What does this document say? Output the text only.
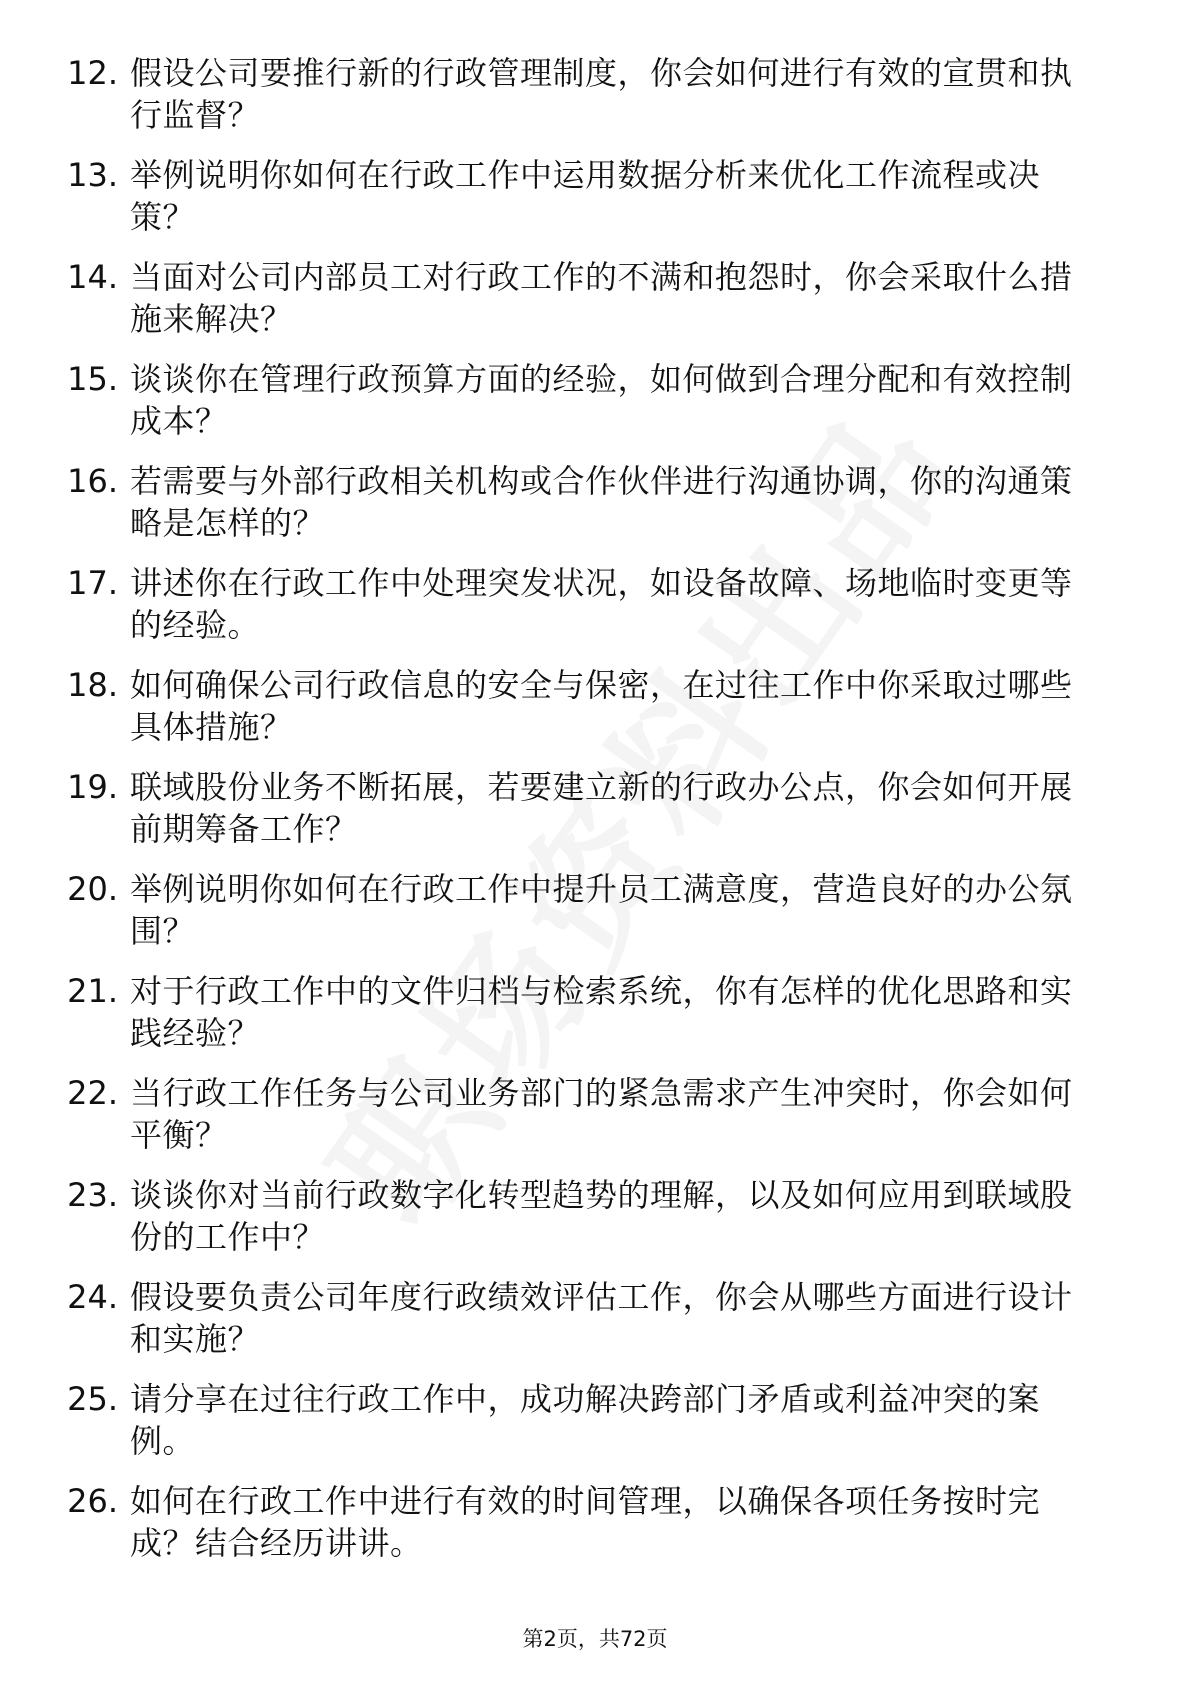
12. 假设公司要推行新的行政管理制度，你会如何进行有效的宣贯和执行监督？
13. 举例说明你如何在行政工作中运用数据分析来优化工作流程或决策？
14. 当面对公司内部员工对行政工作的不满和抱怨时，你会采取什么措施来解决？
15. 谈谈你在管理行政预算方面的经验，如何做到合理分配和有效控制成本？
16. 若需要与外部行政相关机构或合作伙伴进行沟通协调，你的沟通策略是怎样的？
17. 讲述你在行政工作中处理突发状况，如设备故障、场地临时变更等的经验。
18. 如何确保公司行政信息的安全与保密，在过往工作中你采取过哪些具体措施？
19. 联域股份业务不断拓展，若要建立新的行政办公点，你会如何开展前期筹备工作？
20. 举例说明你如何在行政工作中提升员工满意度，营造良好的办公氛围？
21. 对于行政工作中的文件归档与检索系统，你有怎样的优化思路和实践经验？
22. 当行政工作任务与公司业务部门的紧急需求产生冲突时，你会如何平衡？
23. 谈谈你对当前行政数字化转型趋势的理解，以及如何应用到联域股份的工作中？
24. 假设要负责公司年度行政绩效评估工作，你会从哪些方面进行设计和实施？
25. 请分享在过往行政工作中，成功解决跨部门矛盾或利益冲突的案例。
26. 如何在行政工作中进行有效的时间管理，以确保各项任务按时完成？结合经历讲讲。
第2页，共72页
